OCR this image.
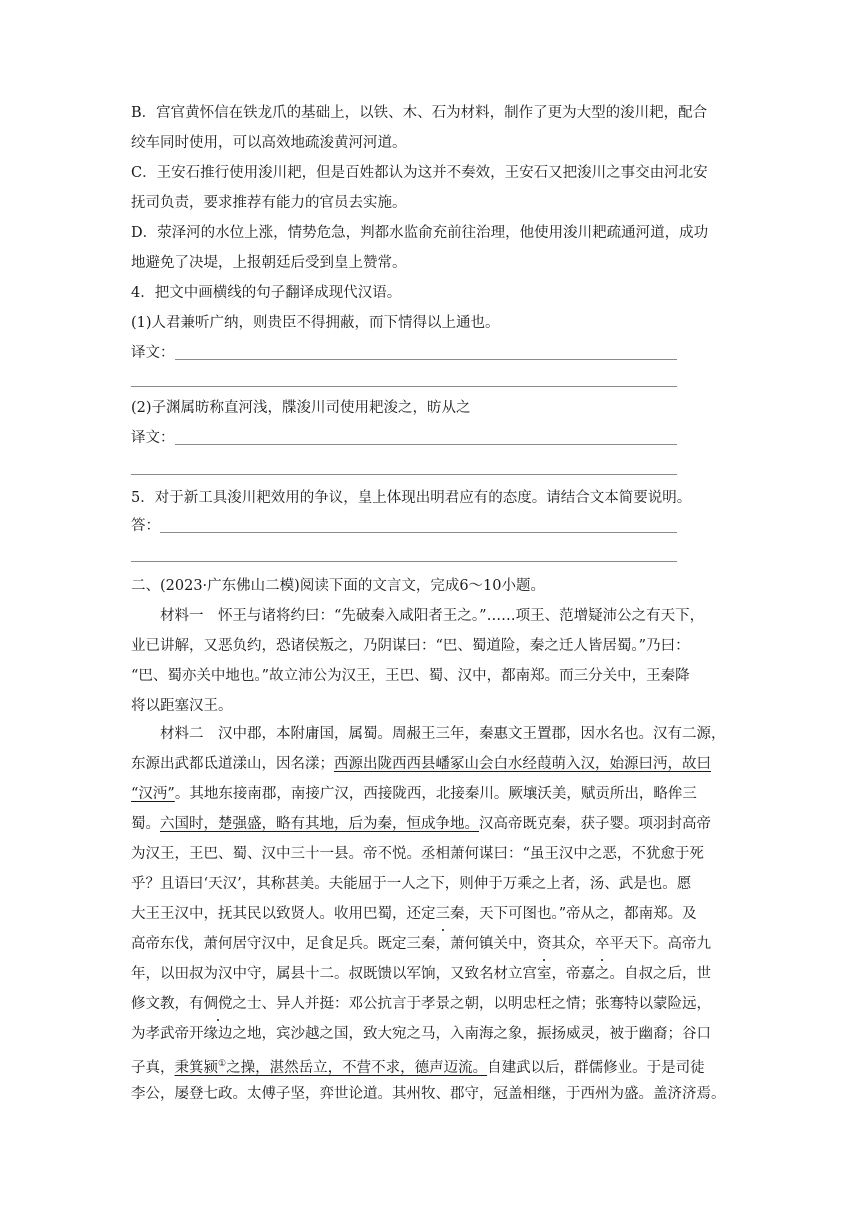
B．宫官黄怀信在铁龙爪的基础上，以铁、木、石为材料，制作了更为大型的浚川耙，配合
绞车同时使用，可以高效地疏浚黄河河道。
C．王安石推行使用浚川耙，但是百姓都认为这并不奏效，王安石又把浚川之事交由河北安
抚司负责，要求推荐有能力的官员去实施。
D．荥泽河的水位上涨，情势危急，判都水监俞充前往治理，他使用浚川耙疏通河道，成功
地避免了决堤，上报朝廷后受到皇上赞常。
4．把文中画横线的句子翻译成现代汉语。
(1)人君兼听广纳，则贵臣不得拥蔽，而下情得以上通也。
译文：
(2)子渊属昉称直河浅，牒浚川司使用耙浚之，昉从之
译文：
5．对于新工具浚川耙效用的争议，皇上体现出明君应有的态度。请结合文本简要说明。
答：
二、(2023·广东佛山二模)阅读下面的文言文，完成6～10小题。
材料一　怀王与诸将约曰：“先破秦入咸阳者王之。”……项王、范增疑沛公之有天下，
业已讲解，又恶负约，恐诸侯叛之，乃阴谋曰：“巴、蜀道险，秦之迁人皆居蜀。”乃曰：
“巴、蜀亦关中地也。”故立沛公为汉王，王巴、蜀、汉中，都南郑。而三分关中，王秦降
将以距塞汉王。
材料二　汉中郡，本附庸国，属蜀。周赧王三年，秦惠文王置郡，因水名也。汉有二源，
东源出武都氐道漾山，因名漾；西源出陇西西县嶓冢山会白水经葭萌入汉，始源曰沔，故曰
“汉沔”。其地东接南郡，南接广汉，西接陇西，北接秦川。厥壤沃美，赋贡所出，略侔三
蜀。六国时，楚强盛，略有其地，后为秦，恒成争地。汉高帝既克秦，获子婴。项羽封高帝
为汉王，王巴、蜀、汉中三十一县。帝不悦。丞相萧何谋曰：“虽王汉中之恶，不犹愈于死
乎？且语曰‘天汉’，其称甚美。夫能屈于一人之下，则伸于万乘之上者，汤、武是也。愿
大王王汉中，抚其民以致贤人。收用巴蜀，还定三秦，天下可图也。”帝从之，都南郑。及
高帝东伐，萧何居守汉中，足食足兵。既定三秦，萧何镇关中，资其众，卒平天下。高帝九
年，以田叔为汉中守，属县十二。叔既馈以军饷，又致名材立宫室，帝嘉之。自叔之后，世
修文教，有倜傥之士、异人并挺：邓公抗言于孝景之朝，以明忠枉之情；张骞特以蒙险远，
为孝武帝开缘边之地，宾沙越之国，致大宛之马，入南海之象，振扬威灵，被于幽裔；谷口
子真，秉箕颍①之操，湛然岳立，不营不求，德声迈流。自建武以后，群儒修业。于是司徒
李公，屡登七政。太傅子坚，弈世论道。其州牧、郡守，冠盖相继，于西州为盛。盖济济焉。
